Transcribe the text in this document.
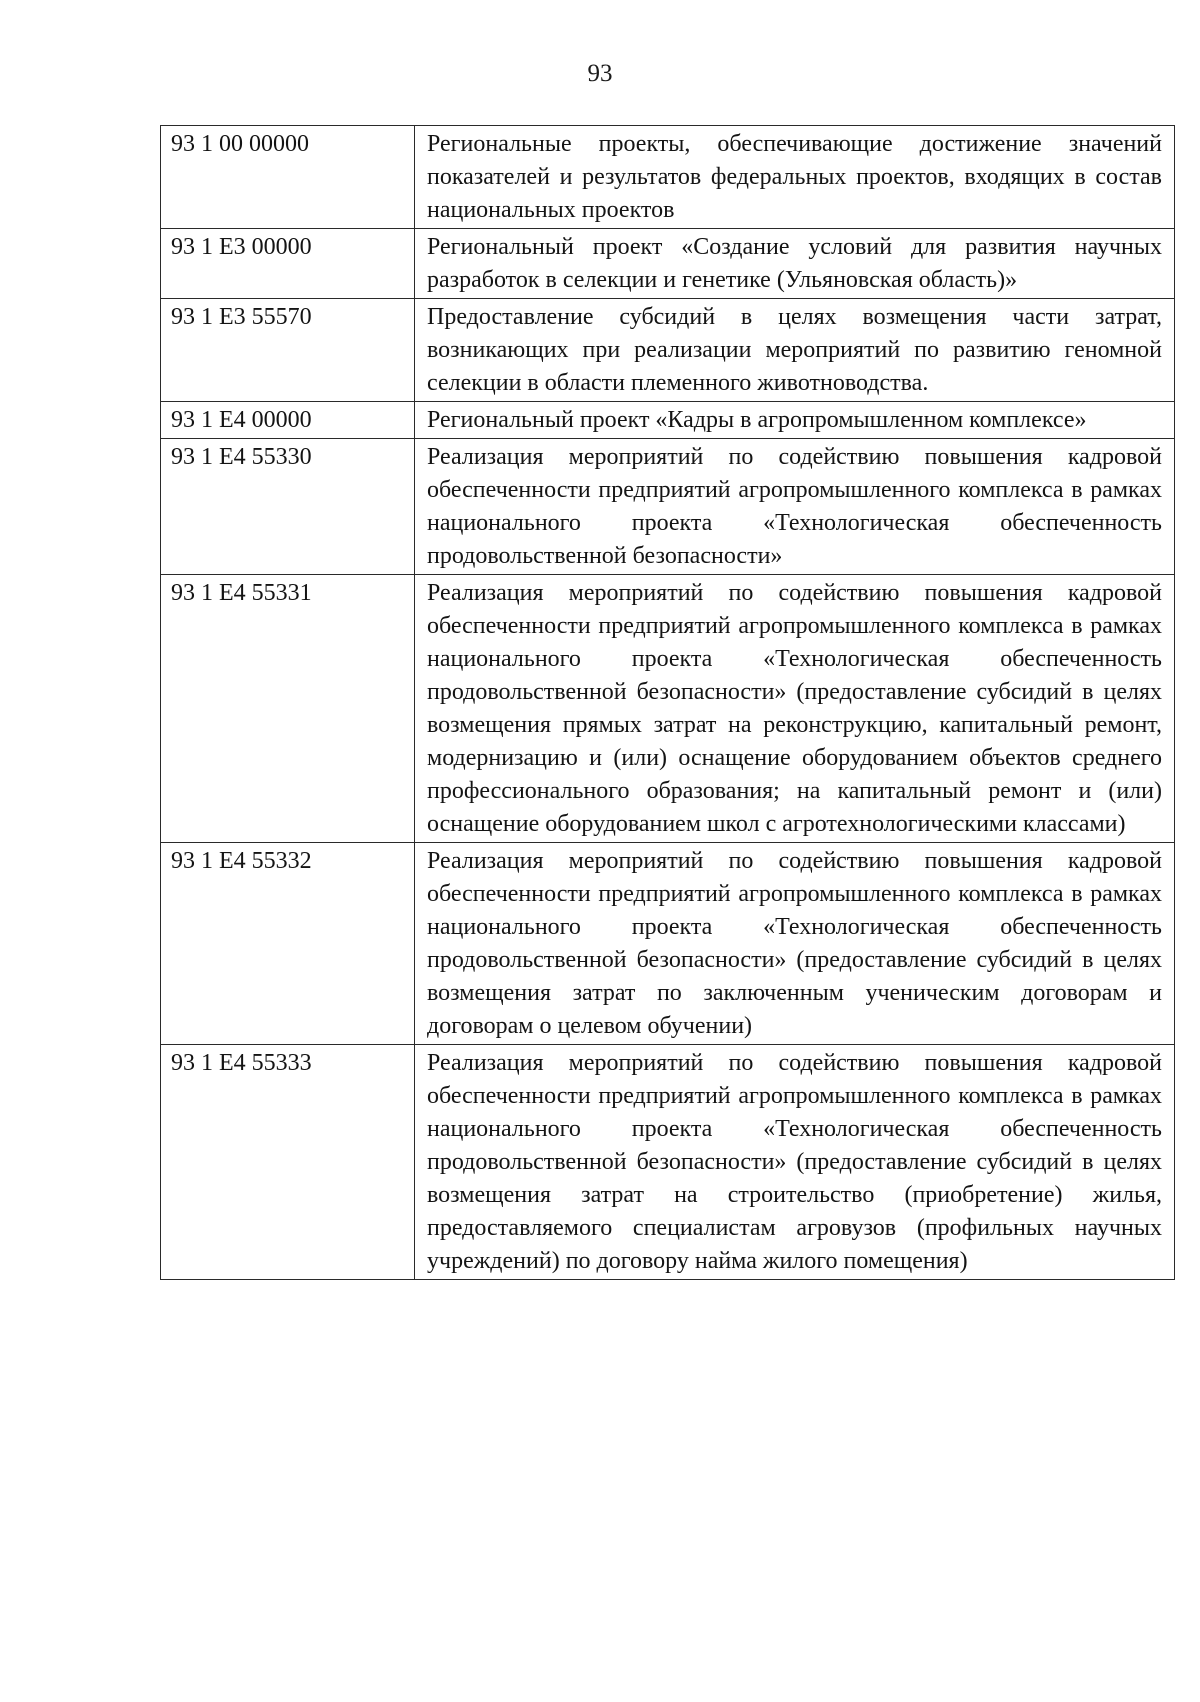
93
93 1 00 00000	Региональные проекты, обеспечивающие достижение значений показателей и результатов федеральных проектов, входящих в состав национальных проектов
93 1 E3 00000	Региональный проект «Создание условий для развития научных разработок в селекции и генетике (Ульяновская область)»
93 1 E3 55570	Предоставление субсидий в целях возмещения части затрат, возникающих при реализации мероприятий по развитию геномной селекции в области племенного животноводства.
93 1 E4 00000	Региональный проект «Кадры в агропромышленном комплексе»
93 1 E4 55330	Реализация мероприятий по содействию повышения кадровой обеспеченности предприятий агропромышленного комплекса в рамках национального проекта «Технологическая обеспеченность продовольственной безопасности»
93 1 E4 55331	Реализация мероприятий по содействию повышения кадровой обеспеченности предприятий агропромышленного комплекса в рамках национального проекта «Технологическая обеспеченность продовольственной безопасности» (предоставление субсидий в целях возмещения прямых затрат на реконструкцию, капитальный ремонт, модернизацию и (или) оснащение оборудованием объектов среднего профессионального образования; на капитальный ремонт и (или) оснащение оборудованием школ с агротехнологическими классами)
93 1 E4 55332	Реализация мероприятий по содействию повышения кадровой обеспеченности предприятий агропромышленного комплекса в рамках национального проекта «Технологическая обеспеченность продовольственной безопасности» (предоставление субсидий в целях возмещения затрат по заключенным ученическим договорам и договорам о целевом обучении)
93 1 E4 55333	Реализация мероприятий по содействию повышения кадровой обеспеченности предприятий агропромышленного комплекса в рамках национального проекта «Технологическая обеспеченность продовольственной безопасности» (предоставление субсидий в целях возмещения затрат на строительство (приобретение) жилья, предоставляемого специалистам агровузов (профильных научных учреждений) по договору найма жилого помещения)
